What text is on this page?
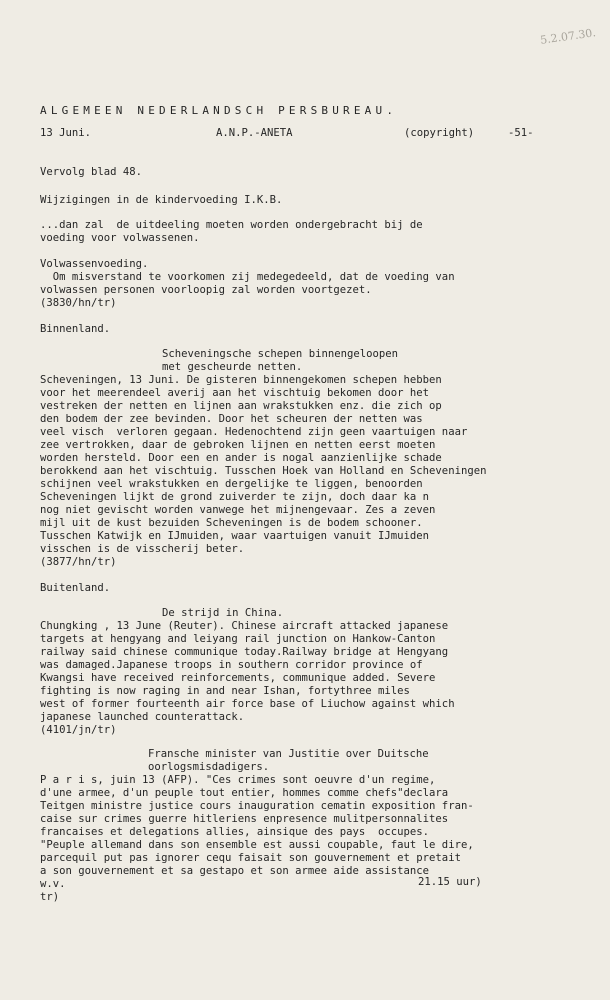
5.2.07.30.
ALGEMEEN NEDERLANDSCH PERSBUREAU.
13 Juni.	A.N.P.-ANETA	(copyright)	-51-
Vervolg blad 48.
Wijzigingen in de kindervoeding I.K.B.
...dan zal  de uitdeeling moeten worden ondergebracht bij de
voeding voor volwassenen.
Volwassenvoeding.
Om misverstand te voorkomen zij medegedeeld, dat de voeding van
volwassen personen voorloopig zal worden voortgezet.
(3830/hn/tr)
Binnenland.
Scheveningsche schepen binnengeloopen
met gescheurde netten.
Scheveningen, 13 Juni. De gisteren binnengekomen schepen hebben
voor het meerendeel averij aan het vischtuig bekomen door het
vestreken der netten en lijnen aan wrakstukken enz. die zich op
den bodem der zee bevinden. Door het scheuren der netten was
veel visch  verloren gegaan. Hedenochtend zijn geen vaartuigen naar
zee vertrokken, daar de gebroken lijnen en netten eerst moeten
worden hersteld. Door een en ander is nogal aanzienlijke schade
berokkend aan het vischtuig. Tusschen Hoek van Holland en Scheveningen
schijnen veel wrakstukken en dergelijke te liggen, benoorden
Scheveningen lijkt de grond zuiverder te zijn, doch daar ka n
nog niet gevischt worden vanwege het mijnengevaar. Zes a zeven
mijl uit de kust bezuiden Scheveningen is de bodem schooner.
Tusschen Katwijk en IJmuiden, waar vaartuigen vanuit IJmuiden
visschen is de visscherij beter.
(3877/hn/tr)
Buitenland.
De strijd in China.
Chungking , 13 June (Reuter). Chinese aircraft attacked japanese
targets at hengyang and leiyang rail junction on Hankow-Canton
railway said chinese communique today.Railway bridge at Hengyang
was damaged.Japanese troops in southern corridor province of
Kwangsi have received reinforcements, communique added. Severe
fighting is now raging in and near Ishan, fortythree miles
west of former fourteenth air force base of Liuchow against which
japanese launched counterattack.
(4101/jn/tr)
Fransche minister van Justitie over Duitsche
oorlogsmisdadigers.
P a r i s, juin 13 (AFP). "Ces crimes sont oeuvre d'un regime,
d'une armee, d'un peuple tout entier, hommes comme chefs"declara
Teitgen ministre justice cours inauguration cematin exposition fran-
caise sur crimes guerre hitleriens enpresence mulitpersonnalites
francaises et delegations allies, ainsique des pays  occupes.
"Peuple allemand dans son ensemble est aussi coupable, faut le dire,
parcequil put pas ignorer cequ faisait son gouvernement et pretait
a son gouvernement et sa gestapo et son armee aide assistance
w.v.	21.15 uur)
tr)
